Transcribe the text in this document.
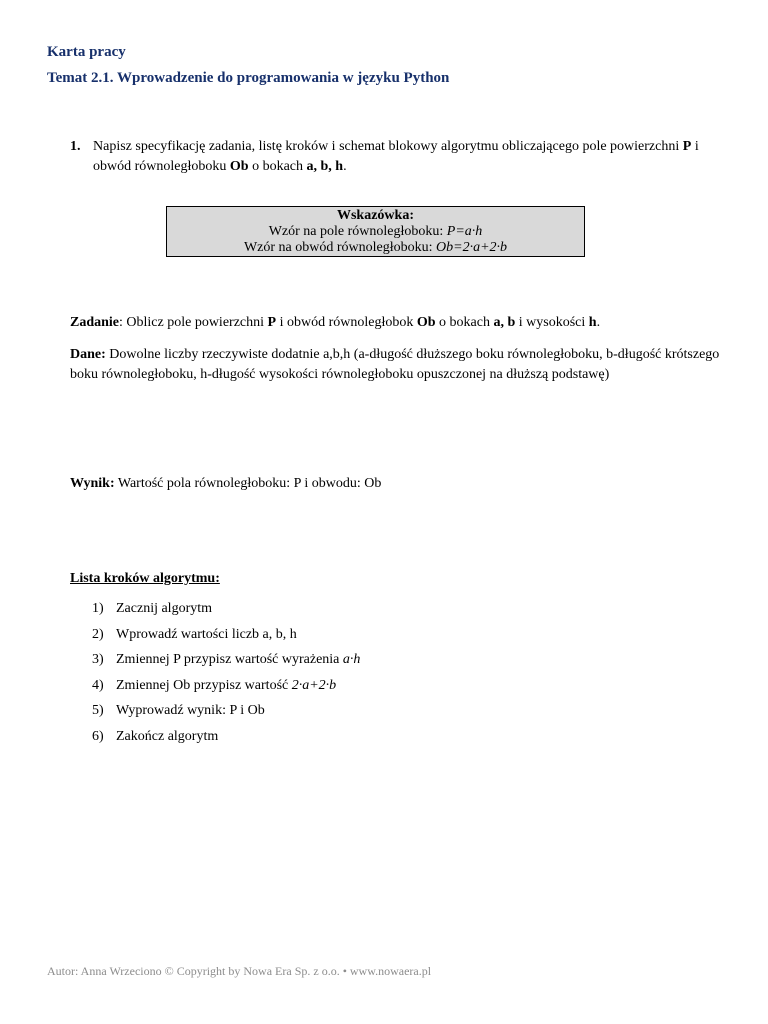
Karta pracy
Temat 2.1. Wprowadzenie do programowania w języku Python
1. Napisz specyfikację zadania, listę kroków i schemat blokowy algorytmu obliczającego pole powierzchni P i obwód równoległoboku Ob o bokach a, b, h.
Wskazówka:
Wzór na pole równoległoboku: P=a·h
Wzór na obwód równoległoboku: Ob=2·a+2·b
Zadanie: Oblicz pole powierzchni P i obwód równoległobok Ob o bokach a, b i wysokości h.
Dane: Dowolne liczby rzeczywiste dodatnie a,b,h (a-długość dłuższego boku równoległoboku, b-długość krótszego boku równoległoboku, h-długość wysokości równoległoboku opuszczonej na dłuższą podstawę)
Wynik: Wartość pola równoległoboku: P i obwodu: Ob
Lista kroków algorytmu:
1) Zacznij algorytm
2) Wprowadź wartości liczb a, b, h
3) Zmiennej P przypisz wartość wyrażenia
a·h
4) Zmiennej Ob przypisz wartość
2·a+2·b
5) Wyprowadź wynik: P i Ob
6) Zakończ algorytm
Autor: Anna Wrzeciono © Copyright by Nowa Era Sp. z o.o. • www.nowaera.pl
